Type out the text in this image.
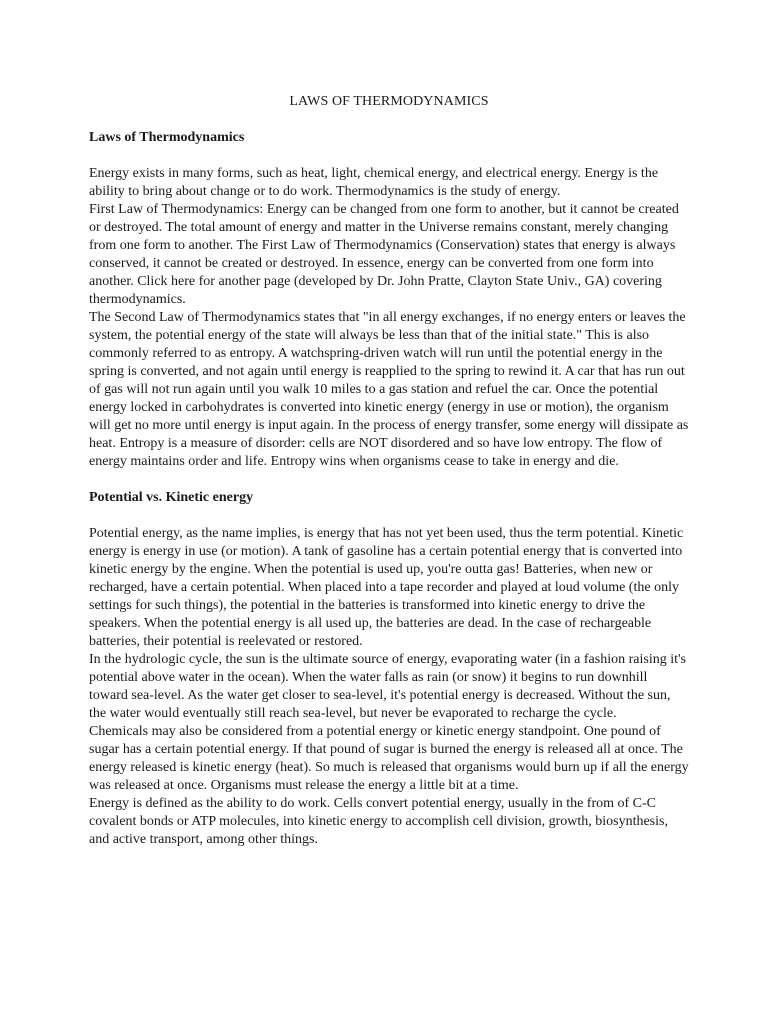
LAWS OF THERMODYNAMICS
Laws of Thermodynamics

Energy exists in many forms, such as heat, light, chemical energy, and electrical energy. Energy is the ability to bring about change or to do work. Thermodynamics is the study of energy.

First Law of Thermodynamics: Energy can be changed from one form to another, but it cannot be created or destroyed. The total amount of energy and matter in the Universe remains constant, merely changing from one form to another. The First Law of Thermodynamics (Conservation) states that energy is always conserved, it cannot be created or destroyed. In essence, energy can be converted from one form into another. Click here for another page (developed by Dr. John Pratte, Clayton State Univ., GA) covering thermodynamics.

The Second Law of Thermodynamics states that "in all energy exchanges, if no energy enters or leaves the system, the potential energy of the state will always be less than that of the initial state." This is also commonly referred to as entropy. A watchspring-driven watch will run until the potential energy in the spring is converted, and not again until energy is reapplied to the spring to rewind it. A car that has run out of gas will not run again until you walk 10 miles to a gas station and refuel the car. Once the potential energy locked in carbohydrates is converted into kinetic energy (energy in use or motion), the organism will get no more until energy is input again. In the process of energy transfer, some energy will dissipate as heat. Entropy is a measure of disorder: cells are NOT disordered and so have low entropy. The flow of energy maintains order and life. Entropy wins when organisms cease to take in energy and die.

Potential vs. Kinetic energy

Potential energy, as the name implies, is energy that has not yet been used, thus the term potential. Kinetic energy is energy in use (or motion). A tank of gasoline has a certain potential energy that is converted into kinetic energy by the engine. When the potential is used up, you're outta gas! Batteries, when new or recharged, have a certain potential. When placed into a tape recorder and played at loud volume (the only settings for such things), the potential in the batteries is transformed into kinetic energy to drive the speakers. When the potential energy is all used up, the batteries are dead. In the case of rechargeable batteries, their potential is reelevated or restored.

In the hydrologic cycle, the sun is the ultimate source of energy, evaporating water (in a fashion raising it's potential above water in the ocean). When the water falls as rain (or snow) it begins to run downhill toward sea-level. As the water get closer to sea-level, it's potential energy is decreased. Without the sun, the water would eventually still reach sea-level, but never be evaporated to recharge the cycle.

Chemicals may also be considered from a potential energy or kinetic energy standpoint. One pound of sugar has a certain potential energy. If that pound of sugar is burned the energy is released all at once. The energy released is kinetic energy (heat). So much is released that organisms would burn up if all the energy was released at once. Organisms must release the energy a little bit at a time.

Energy is defined as the ability to do work. Cells convert potential energy, usually in the from of C-C covalent bonds or ATP molecules, into kinetic energy to accomplish cell division, growth, biosynthesis, and active transport, among other things.
